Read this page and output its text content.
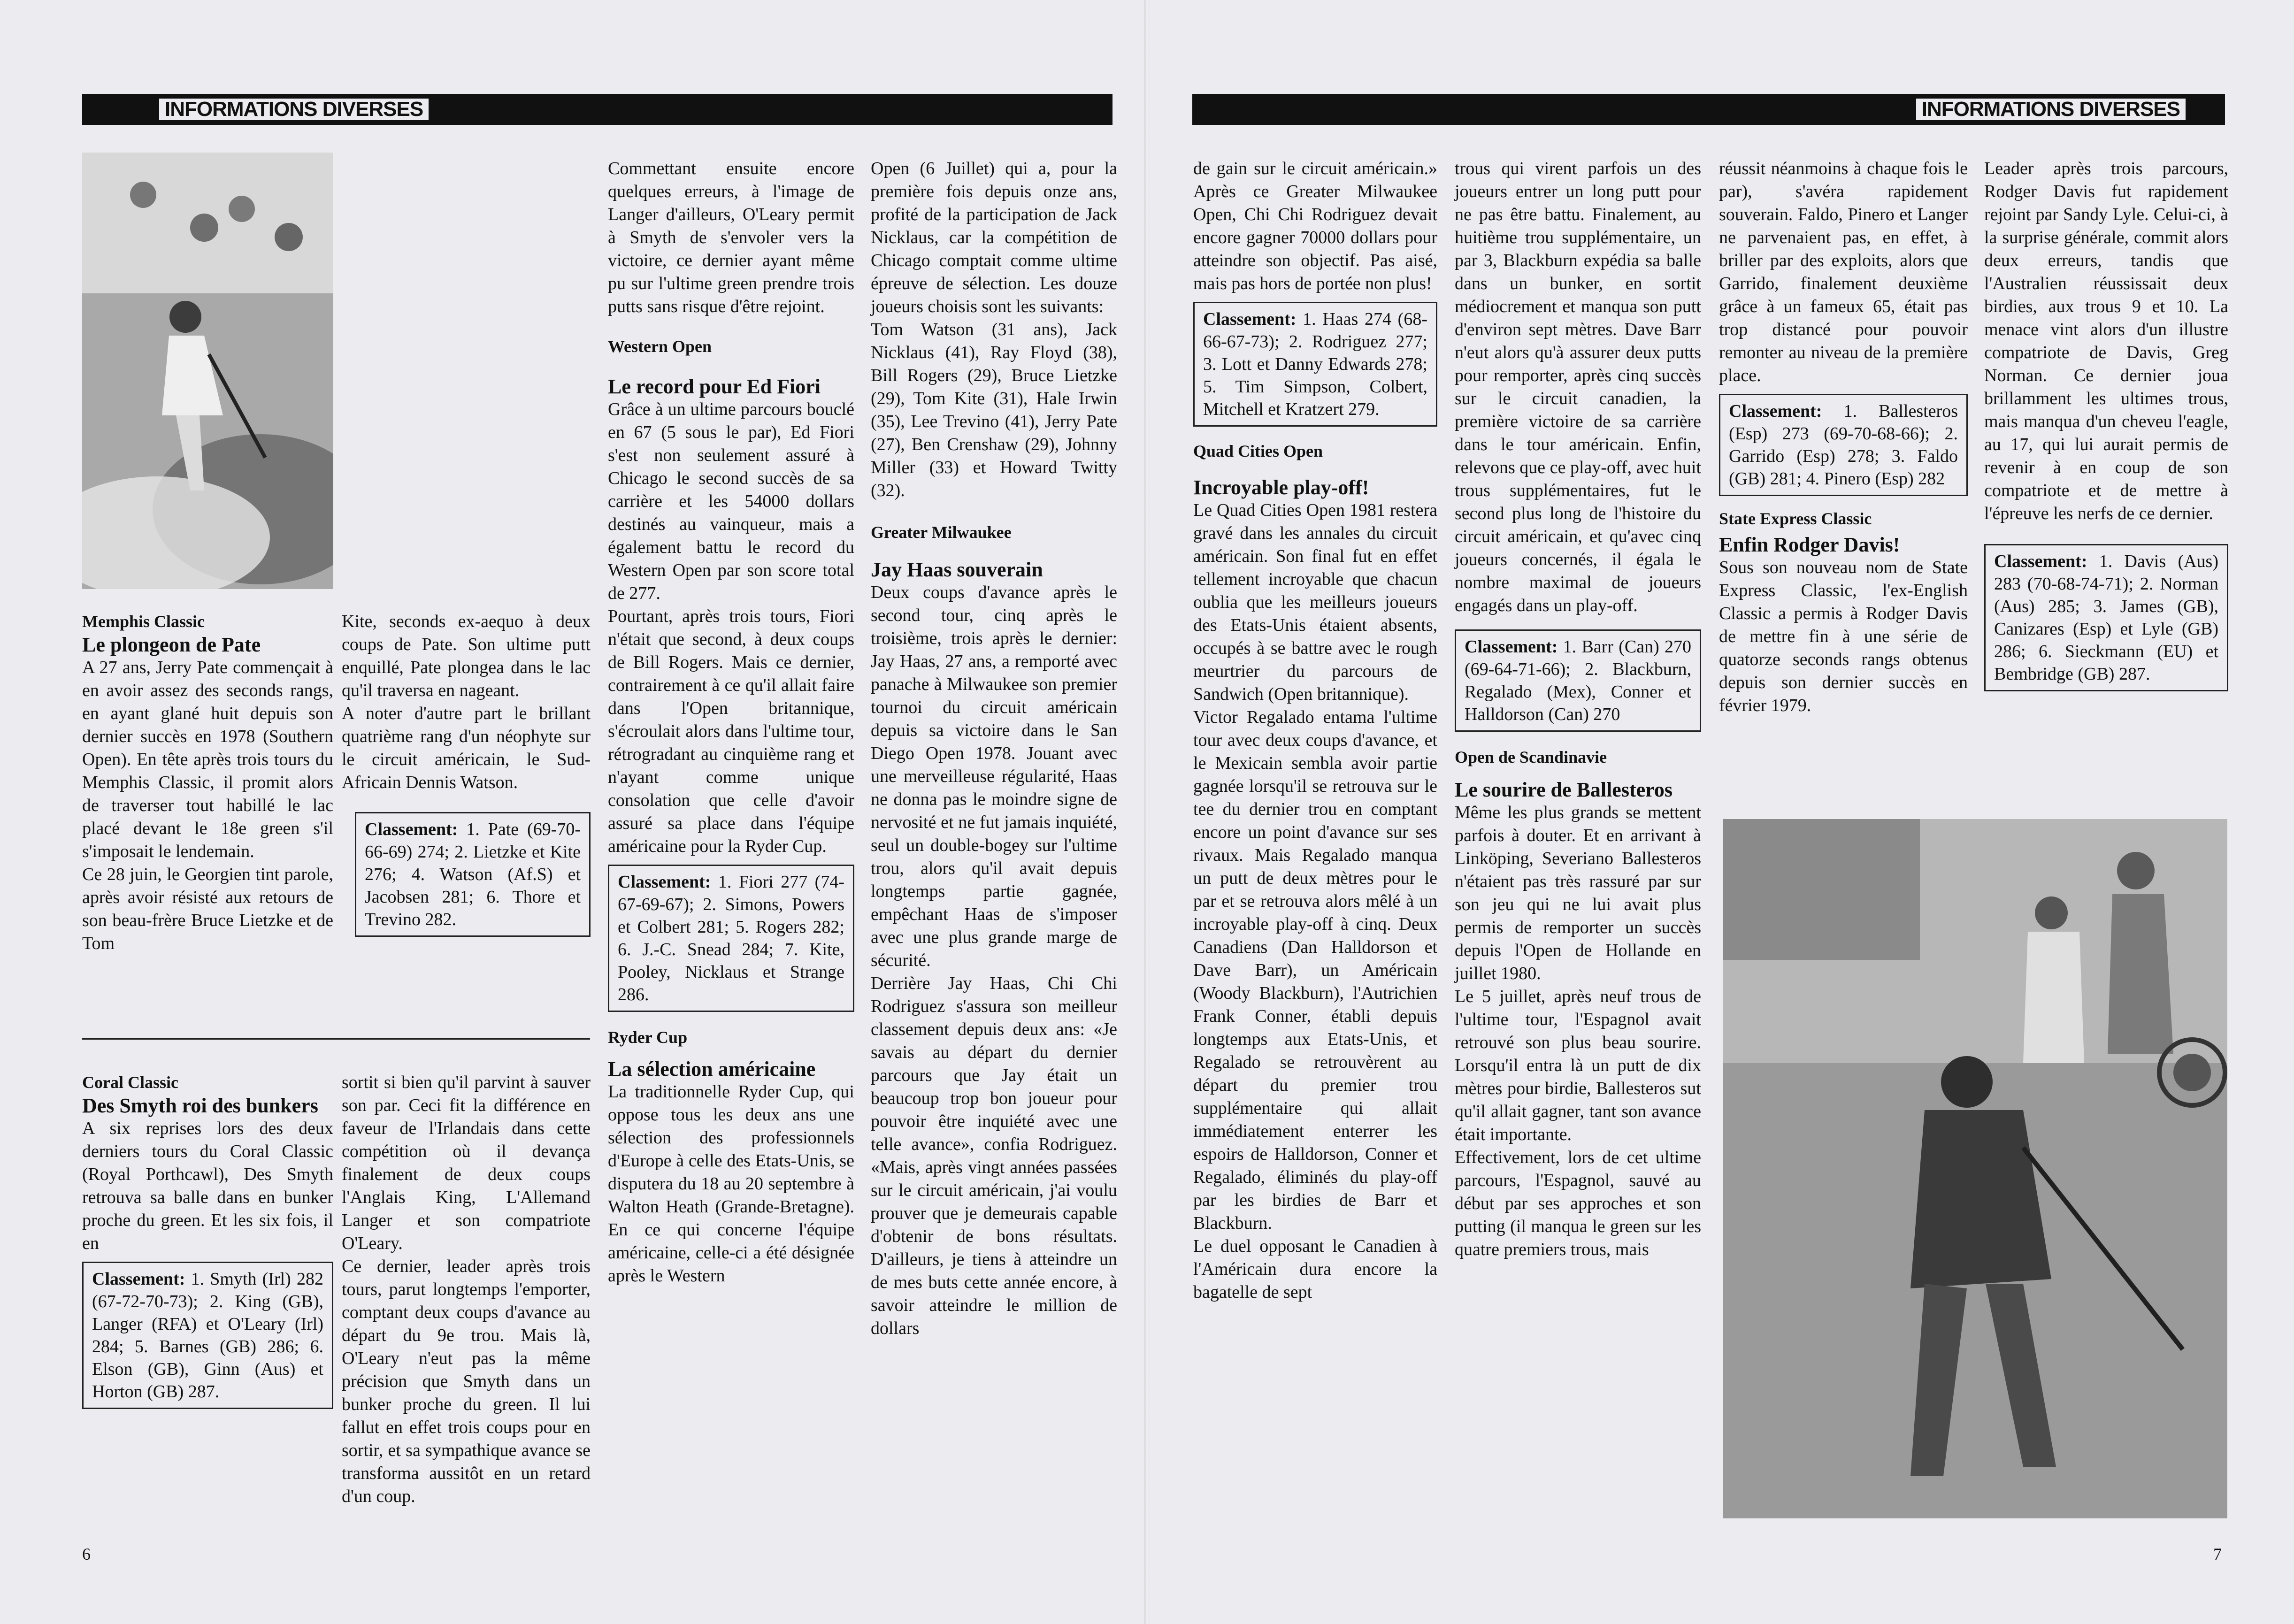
INFORMATIONS DIVERSES

Memphis Classic

Le plongeon de Pate

A 27 ans, Jerry Pate commençait à en avoir assez des seconds rangs, en ayant glané huit depuis son dernier succès en 1978 (Southern Open). En tête après trois tours du Memphis Classic, il promit alors de traverser tout habillé le lac placé devant le 18e green s'il s'imposait le lendemain.

Ce 28 juin, le Georgien tint parole, après avoir résisté aux retours de son beau-frère Bruce Lietzke et de Tom

Coral Classic

Des Smyth roi des bunkers

A six reprises lors des deux derniers tours du Coral Classic (Royal Porthcawl), Des Smyth retrouva sa balle dans en bunker proche du green. Et les six fois, il en

Classement: 1. Smyth (Irl) 282 (67-72-70-73); 2. King (GB), Langer (RFA) et O'Leary (Irl) 284; 5. Barnes (GB) 286; 6. Elson (GB), Ginn (Aus) et Horton (GB) 287.

Kite, seconds ex-aequo à deux coups de Pate. Son ultime putt enquillé, Pate plongea dans le lac qu'il traversa en nageant.

A noter d'autre part le brillant quatrième rang d'un néophyte sur le circuit américain, le Sud-Africain Dennis Watson.

Classement: 1. Pate (69-70-66-69) 274; 2. Lietzke et Kite 276; 4. Watson (Af.S) et Jacobsen 281; 6. Thore et Trevino 282.

sortit si bien qu'il parvint à sauver son par. Ceci fit la différence en faveur de l'Irlandais dans cette compétition où il devança finalement de deux coups l'Anglais King, L'Allemand Langer et son compatriote O'Leary.

Ce dernier, leader après trois tours, parut longtemps l'emporter, comptant deux coups d'avance au départ du 9e trou. Mais là, O'Leary n'eut pas la même précision que Smyth dans un bunker proche du green. Il lui fallut en effet trois coups pour en sortir, et sa sympathique avance se transforma aussitôt en un retard d'un coup.

Commettant ensuite encore quelques erreurs, à l'image de Langer d'ailleurs, O'Leary permit à Smyth de s'envoler vers la victoire, ce dernier ayant même pu sur l'ultime green prendre trois putts sans risque d'être rejoint.

Western Open

Le record pour Ed Fiori

Grâce à un ultime parcours bouclé en 67 (5 sous le par), Ed Fiori s'est non seulement assuré à Chicago le second succès de sa carrière et les 54000 dollars destinés au vainqueur, mais a également battu le record du Western Open par son score total de 277.

Pourtant, après trois tours, Fiori n'était que second, à deux coups de Bill Rogers. Mais ce dernier, contrairement à ce qu'il allait faire dans l'Open britannique, s'écroulait alors dans l'ultime tour, rétrogradant au cinquième rang et n'ayant comme unique consolation que celle d'avoir assuré sa place dans l'équipe américaine pour la Ryder Cup.

Classement: 1. Fiori 277 (74-67-69-67); 2. Simons, Powers et Colbert 281; 5. Rogers 282; 6. J.-C. Snead 284; 7. Kite, Pooley, Nicklaus et Strange 286.

Ryder Cup

La sélection américaine

La traditionnelle Ryder Cup, qui oppose tous les deux ans une sélection des professionnels d'Europe à celle des Etats-Unis, se disputera du 18 au 20 septembre à Walton Heath (Grande-Bretagne). En ce qui concerne l'équipe américaine, celle-ci a été désignée après le Western

Open (6 Juillet) qui a, pour la première fois depuis onze ans, profité de la participation de Jack Nicklaus, car la compétition de Chicago comptait comme ultime épreuve de sélection. Les douze joueurs choisis sont les suivants:

Tom Watson (31 ans), Jack Nicklaus (41), Ray Floyd (38), Bill Rogers (29), Bruce Lietzke (29), Tom Kite (31), Hale Irwin (35), Lee Trevino (41), Jerry Pate (27), Ben Crenshaw (29), Johnny Miller (33) et Howard Twitty (32).

Greater Milwaukee

Jay Haas souverain

Deux coups d'avance après le second tour, cinq après le troisième, trois après le dernier: Jay Haas, 27 ans, a remporté avec panache à Milwaukee son premier tournoi du circuit américain depuis sa victoire dans le San Diego Open 1978. Jouant avec une merveilleuse régularité, Haas ne donna pas le moindre signe de nervosité et ne fut jamais inquiété, seul un double-bogey sur l'ultime trou, alors qu'il avait depuis longtemps partie gagnée, empêchant Haas de s'imposer avec une plus grande marge de sécurité.

Derrière Jay Haas, Chi Chi Rodriguez s'assura son meilleur classement depuis deux ans: «Je savais au départ du dernier parcours que Jay était un beaucoup trop bon joueur pour pouvoir être inquiété avec une telle avance», confia Rodriguez. «Mais, après vingt années passées sur le circuit américain, j'ai voulu prouver que je demeurais capable d'obtenir de bons résultats. D'ailleurs, je tiens à atteindre un de mes buts cette année encore, à savoir atteindre le million de dollars

6
INFORMATIONS DIVERSES

de gain sur le circuit américain.» Après ce Greater Milwaukee Open, Chi Chi Rodriguez devait encore gagner 70000 dollars pour atteindre son objectif. Pas aisé, mais pas hors de portée non plus!

Classement: 1. Haas 274 (68-66-67-73); 2. Rodriguez 277; 3. Lott et Danny Edwards 278; 5. Tim Simpson, Colbert, Mitchell et Kratzert 279.

Quad Cities Open

Incroyable play-off!

Le Quad Cities Open 1981 restera gravé dans les annales du circuit américain. Son final fut en effet tellement incroyable que chacun oublia que les meilleurs joueurs des Etats-Unis étaient absents, occupés à se battre avec le rough meurtrier du parcours de Sandwich (Open britannique).

Victor Regalado entama l'ultime tour avec deux coups d'avance, et le Mexicain sembla avoir partie gagnée lorsqu'il se retrouva sur le tee du dernier trou en comptant encore un point d'avance sur ses rivaux. Mais Regalado manqua un putt de deux mètres pour le par et se retrouva alors mêlé à un incroyable play-off à cinq. Deux Canadiens (Dan Halldorson et Dave Barr), un Américain (Woody Blackburn), l'Autrichien Frank Conner, établi depuis longtemps aux Etats-Unis, et Regalado se retrouvèrent au départ du premier trou supplémentaire qui allait immédiatement enterrer les espoirs de Halldorson, Conner et Regalado, éliminés du play-off par les birdies de Barr et Blackburn.

Le duel opposant le Canadien à l'Américain dura encore la bagatelle de sept

trous qui virent parfois un des joueurs entrer un long putt pour ne pas être battu. Finalement, au huitième trou supplémentaire, un par 3, Blackburn expédia sa balle dans un bunker, en sortit médiocrement et manqua son putt d'environ sept mètres. Dave Barr n'eut alors qu'à assurer deux putts pour remporter, après cinq succès sur le circuit canadien, la première victoire de sa carrière dans le tour américain. Enfin, relevons que ce play-off, avec huit trous supplémentaires, fut le second plus long de l'histoire du circuit américain, et qu'avec cinq joueurs concernés, il égala le nombre maximal de joueurs engagés dans un play-off.

Classement: 1. Barr (Can) 270 (69-64-71-66); 2. Blackburn, Regalado (Mex), Conner et Halldorson (Can) 270

Open de Scandinavie

Le sourire de Ballesteros

Même les plus grands se mettent parfois à douter. Et en arrivant à Linköping, Severiano Ballesteros n'étaient pas très rassuré par sur son jeu qui ne lui avait plus permis de remporter un succès depuis l'Open de Hollande en juillet 1980.

Le 5 juillet, après neuf trous de l'ultime tour, l'Espagnol avait retrouvé son plus beau sourire. Lorsqu'il entra là un putt de dix mètres pour birdie, Ballesteros sut qu'il allait gagner, tant son avance était importante.

Effectivement, lors de cet ultime parcours, l'Espagnol, sauvé au début par ses approches et son putting (il manqua le green sur les quatre premiers trous, mais

réussit néanmoins à chaque fois le par), s'avéra rapidement souverain. Faldo, Pinero et Langer ne parvenaient pas, en effet, à briller par des exploits, alors que Garrido, finalement deuxième grâce à un fameux 65, était pas trop distancé pour pouvoir remonter au niveau de la première place.

Classement: 1. Ballesteros (Esp) 273 (69-70-68-66); 2. Garrido (Esp) 278; 3. Faldo (GB) 281; 4. Pinero (Esp) 282

State Express Classic

Enfin Rodger Davis!

Sous son nouveau nom de State Express Classic, l'ex-English Classic a permis à Rodger Davis de mettre fin à une série de quatorze seconds rangs obtenus depuis son dernier succès en février 1979.

Leader après trois parcours, Rodger Davis fut rapidement rejoint par Sandy Lyle. Celui-ci, à la surprise générale, commit alors deux erreurs, tandis que l'Australien réussissait deux birdies, aux trous 9 et 10. La menace vint alors d'un illustre compatriote de Davis, Greg Norman. Ce dernier joua brillamment les ultimes trous, mais manqua d'un cheveu l'eagle, au 17, qui lui aurait permis de revenir à en coup de son compatriote et de mettre à l'épreuve les nerfs de ce dernier.

Classement: 1. Davis (Aus) 283 (70-68-74-71); 2. Norman (Aus) 285; 3. James (GB), Canizares (Esp) et Lyle (GB) 286; 6. Sieckmann (EU) et Bembridge (GB) 287.
7
